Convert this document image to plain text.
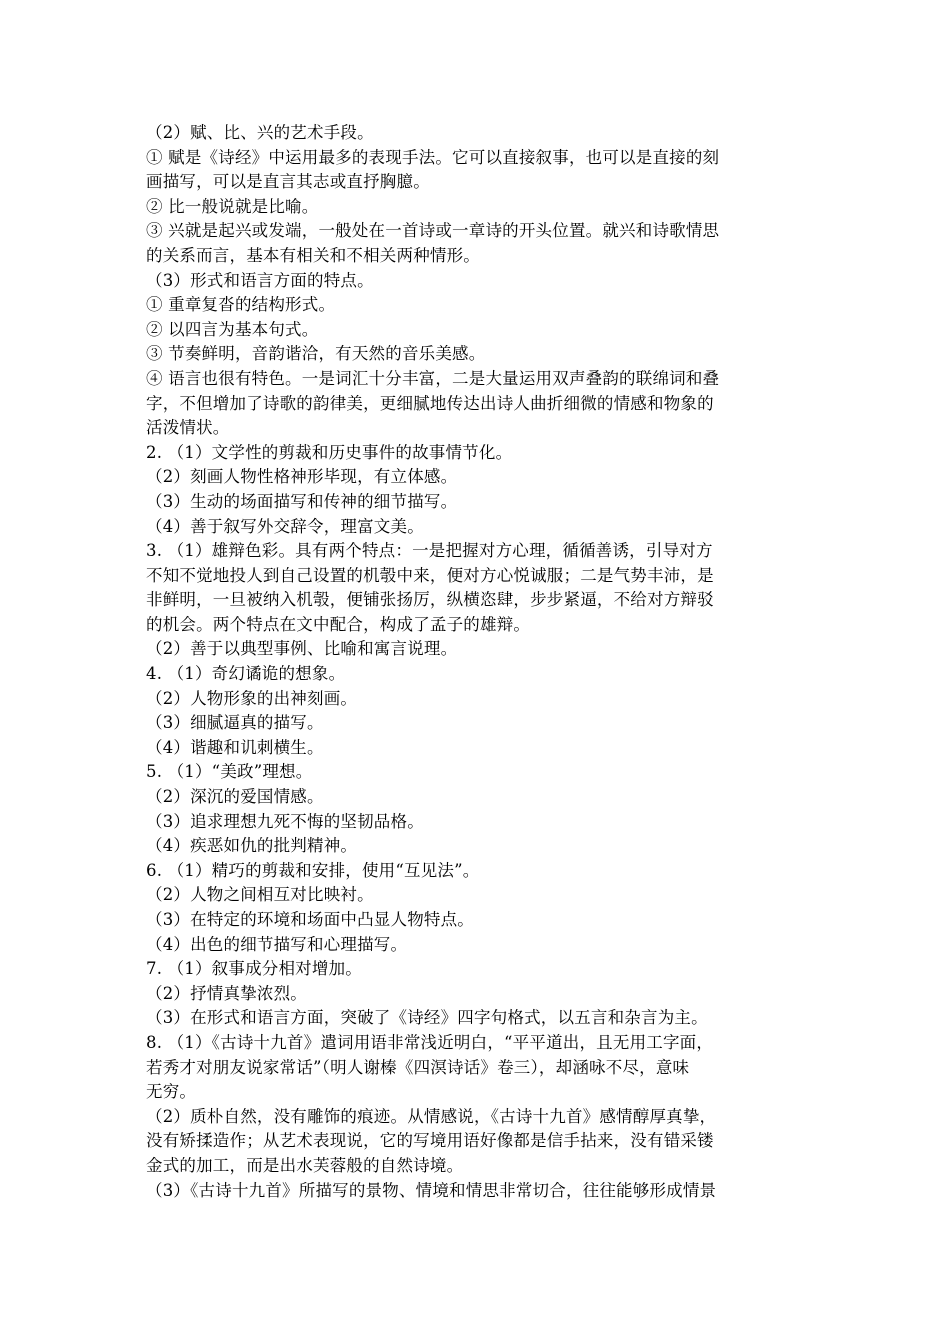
（2）赋、比、兴的艺术手段。
① 赋是《诗经》中运用最多的表现手法。它可以直接叙事，也可以是直接的刻
画描写，可以是直言其志或直抒胸臆。
② 比一般说就是比喻。
③ 兴就是起兴或发端，一般处在一首诗或一章诗的开头位置。就兴和诗歌情思
的关系而言，基本有相关和不相关两种情形。
（3）形式和语言方面的特点。
① 重章复沓的结构形式。
② 以四言为基本句式。
③ 节奏鲜明，音韵谐洽，有天然的音乐美感。
④ 语言也很有特色。一是词汇十分丰富，二是大量运用双声叠韵的联绵词和叠
字，不但增加了诗歌的韵律美，更细腻地传达出诗人曲折细微的情感和物象的
活泼情状。
2. （1）文学性的剪裁和历史事件的故事情节化。
（2）刻画人物性格神形毕现，有立体感。
（3）生动的场面描写和传神的细节描写。
（4）善于叙写外交辞令，理富文美。
3. （1）雄辩色彩。具有两个特点：一是把握对方心理，循循善诱，引导对方
不知不觉地投人到自己设置的机彀中来，便对方心悦诚服；二是气势丰沛，是
非鲜明，一旦被纳入机彀，便铺张扬厉，纵横恣肆，步步紧逼，不给对方辩驳
的机会。两个特点在文中配合，构成了孟子的雄辩。
（2）善于以典型事例、比喻和寓言说理。
4. （1）奇幻谲诡的想象。
（2）人物形象的出神刻画。
（3）细腻逼真的描写。
（4）谐趣和讥刺横生。
5. （1）“美政”理想。
（2）深沉的爱国情感。
（3）追求理想九死不悔的坚韧品格。
（4）疾恶如仇的批判精神。
6. （1）精巧的剪裁和安排，使用“互见法”。
（2）人物之间相互对比映衬。
（3）在特定的环境和场面中凸显人物特点。
（4）出色的细节描写和心理描写。
7. （1）叙事成分相对增加。
（2）抒情真挚浓烈。
（3）在形式和语言方面，突破了《诗经》四字句格式，以五言和杂言为主。
8. （1）《古诗十九首》遣词用语非常浅近明白，“平平道出，且无用工字面，
若秀才对朋友说家常话”（明人谢榛《四溟诗话》卷三），却涵咏不尽，意味
无穷。
（2）质朴自然，没有雕饰的痕迹。从情感说，《古诗十九首》感情醇厚真挚，
没有矫揉造作；从艺术表现说，它的写境用语好像都是信手拈来，没有错采镂
金式的加工，而是出水芙蓉般的自然诗境。
（3）《古诗十九首》所描写的景物、情境和情思非常切合，往往能够形成情景
